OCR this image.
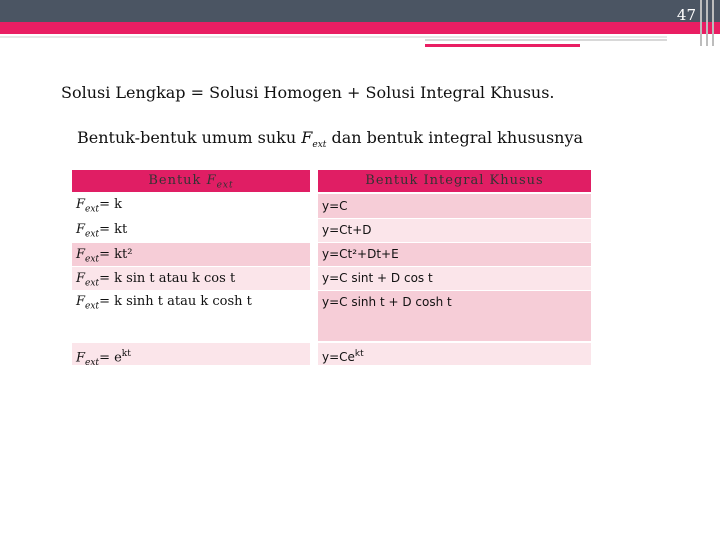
47
Solusi Lengkap = Solusi Homogen + Solusi Integral Khusus.
Bentuk-bentuk umum suku $F_{ext}$ dan bentuk integral khususnya
Bentuk $F_{ext}$	Bentuk Integral Khusus
$F_{ext}= k$	y=C
$F_{ext}=$ kt	y=Ct+D
$F_{ext}= kt^2$	y=Ct²+Dt+E
$F_{ext}= k$ sin t atau k cos t	y=C sint + D cos t
$F_{ext}= k$ sinh t atau k cosh t	y=C sinh t + D cosh t
$F_{ext}= e^{kt}$	$y=Ce^{kt}$
